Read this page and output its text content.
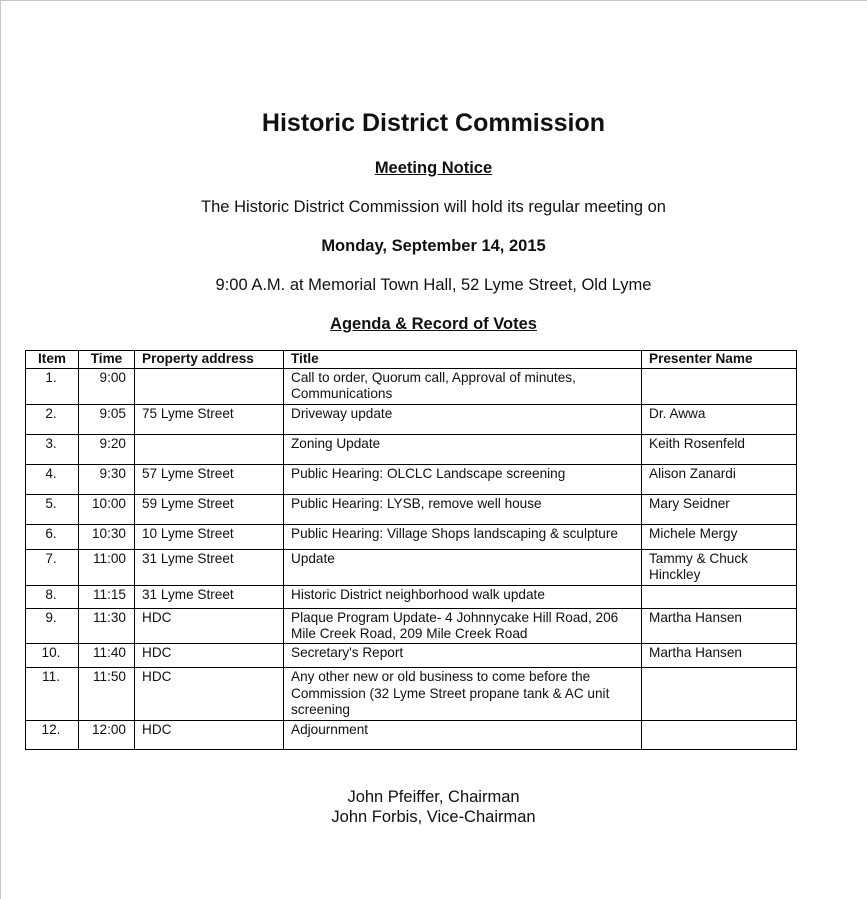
Historic District Commission
Meeting Notice
The Historic District Commission will hold its regular meeting on
Monday, September 14, 2015
9:00 A.M. at Memorial Town Hall, 52 Lyme Street, Old Lyme
Agenda & Record of Votes
Item	Time	Property address	Title	Presenter Name
1.	9:00		Call to order, Quorum call, Approval of minutes, Communications	
2.	9:05	75 Lyme Street	Driveway update	Dr. Awwa
3.	9:20		Zoning Update	Keith Rosenfeld
4.	9:30	57 Lyme Street	Public Hearing: OLCLC Landscape screening	Alison Zanardi
5.	10:00	59 Lyme Street	Public Hearing: LYSB, remove well house	Mary Seidner
6.	10:30	10 Lyme Street	Public Hearing: Village Shops landscaping & sculpture	Michele Mergy
7.	11:00	31 Lyme Street	Update	Tammy & Chuck Hinckley
8.	11:15	31 Lyme Street	Historic District neighborhood walk update	
9.	11:30	HDC	Plaque Program Update- 4 Johnnycake Hill Road, 206 Mile Creek Road, 209 Mile Creek Road	Martha Hansen
10.	11:40	HDC	Secretary's Report	Martha Hansen
11.	11:50	HDC	Any other new or old business to come before the Commission (32 Lyme Street propane tank & AC unit screening	
12.	12:00	HDC	Adjournment	
John Pfeiffer, Chairman
John Forbis, Vice-Chairman
